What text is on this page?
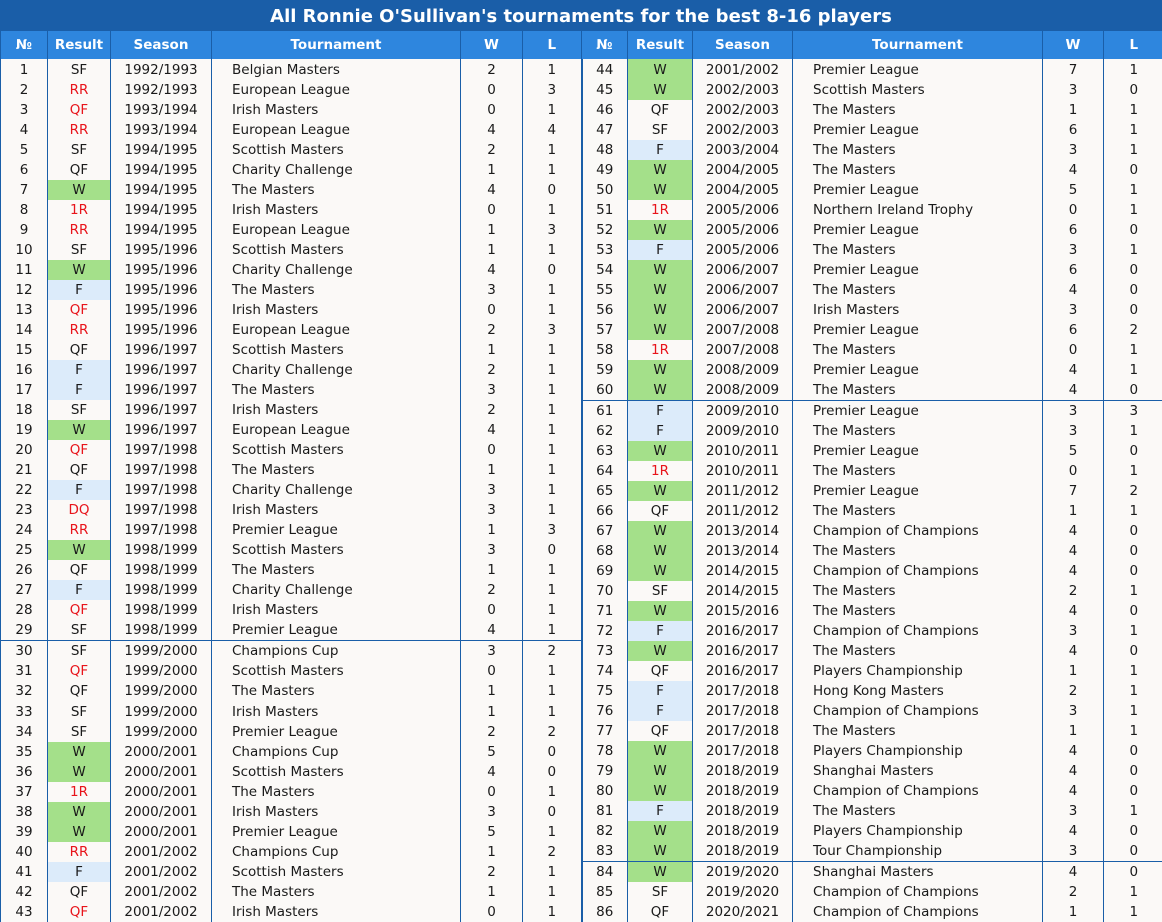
All Ronnie O'Sullivan's tournaments for the best 8-16 players
№	Result	Season	Tournament	W	L
1	SF	1992/1993	Belgian Masters	2	1
2	RR	1992/1993	European League	0	3
3	QF	1993/1994	Irish Masters	0	1
4	RR	1993/1994	European League	4	4
5	SF	1994/1995	Scottish Masters	2	1
6	QF	1994/1995	Charity Challenge	1	1
7	W	1994/1995	The Masters	4	0
8	1R	1994/1995	Irish Masters	0	1
9	RR	1994/1995	European League	1	3
10	SF	1995/1996	Scottish Masters	1	1
11	W	1995/1996	Charity Challenge	4	0
12	F	1995/1996	The Masters	3	1
13	QF	1995/1996	Irish Masters	0	1
14	RR	1995/1996	European League	2	3
15	QF	1996/1997	Scottish Masters	1	1
16	F	1996/1997	Charity Challenge	2	1
17	F	1996/1997	The Masters	3	1
18	SF	1996/1997	Irish Masters	2	1
19	W	1996/1997	European League	4	1
20	QF	1997/1998	Scottish Masters	0	1
21	QF	1997/1998	The Masters	1	1
22	F	1997/1998	Charity Challenge	3	1
23	DQ	1997/1998	Irish Masters	3	1
24	RR	1997/1998	Premier League	1	3
25	W	1998/1999	Scottish Masters	3	0
26	QF	1998/1999	The Masters	1	1
27	F	1998/1999	Charity Challenge	2	1
28	QF	1998/1999	Irish Masters	0	1
29	SF	1998/1999	Premier League	4	1
30	SF	1999/2000	Champions Cup	3	2
31	QF	1999/2000	Scottish Masters	0	1
32	QF	1999/2000	The Masters	1	1
33	SF	1999/2000	Irish Masters	1	1
34	SF	1999/2000	Premier League	2	2
35	W	2000/2001	Champions Cup	5	0
36	W	2000/2001	Scottish Masters	4	0
37	1R	2000/2001	The Masters	0	1
38	W	2000/2001	Irish Masters	3	0
39	W	2000/2001	Premier League	5	1
40	RR	2001/2002	Champions Cup	1	2
41	F	2001/2002	Scottish Masters	2	1
42	QF	2001/2002	The Masters	1	1
43	QF	2001/2002	Irish Masters	0	1
№	Result	Season	Tournament	W	L
44	W	2001/2002	Premier League	7	1
45	W	2002/2003	Scottish Masters	3	0
46	QF	2002/2003	The Masters	1	1
47	SF	2002/2003	Premier League	6	1
48	F	2003/2004	The Masters	3	1
49	W	2004/2005	The Masters	4	0
50	W	2004/2005	Premier League	5	1
51	1R	2005/2006	Northern Ireland Trophy	0	1
52	W	2005/2006	Premier League	6	0
53	F	2005/2006	The Masters	3	1
54	W	2006/2007	Premier League	6	0
55	W	2006/2007	The Masters	4	0
56	W	2006/2007	Irish Masters	3	0
57	W	2007/2008	Premier League	6	2
58	1R	2007/2008	The Masters	0	1
59	W	2008/2009	Premier League	4	1
60	W	2008/2009	The Masters	4	0
61	F	2009/2010	Premier League	3	3
62	F	2009/2010	The Masters	3	1
63	W	2010/2011	Premier League	5	0
64	1R	2010/2011	The Masters	0	1
65	W	2011/2012	Premier League	7	2
66	QF	2011/2012	The Masters	1	1
67	W	2013/2014	Champion of Champions	4	0
68	W	2013/2014	The Masters	4	0
69	W	2014/2015	Champion of Champions	4	0
70	SF	2014/2015	The Masters	2	1
71	W	2015/2016	The Masters	4	0
72	F	2016/2017	Champion of Champions	3	1
73	W	2016/2017	The Masters	4	0
74	QF	2016/2017	Players Championship	1	1
75	F	2017/2018	Hong Kong Masters	2	1
76	F	2017/2018	Champion of Champions	3	1
77	QF	2017/2018	The Masters	1	1
78	W	2017/2018	Players Championship	4	0
79	W	2018/2019	Shanghai Masters	4	0
80	W	2018/2019	Champion of Champions	4	0
81	F	2018/2019	The Masters	3	1
82	W	2018/2019	Players Championship	4	0
83	W	2018/2019	Tour Championship	3	0
84	W	2019/2020	Shanghai Masters	4	0
85	SF	2019/2020	Champion of Champions	2	1
86	QF	2020/2021	Champion of Champions	1	1
